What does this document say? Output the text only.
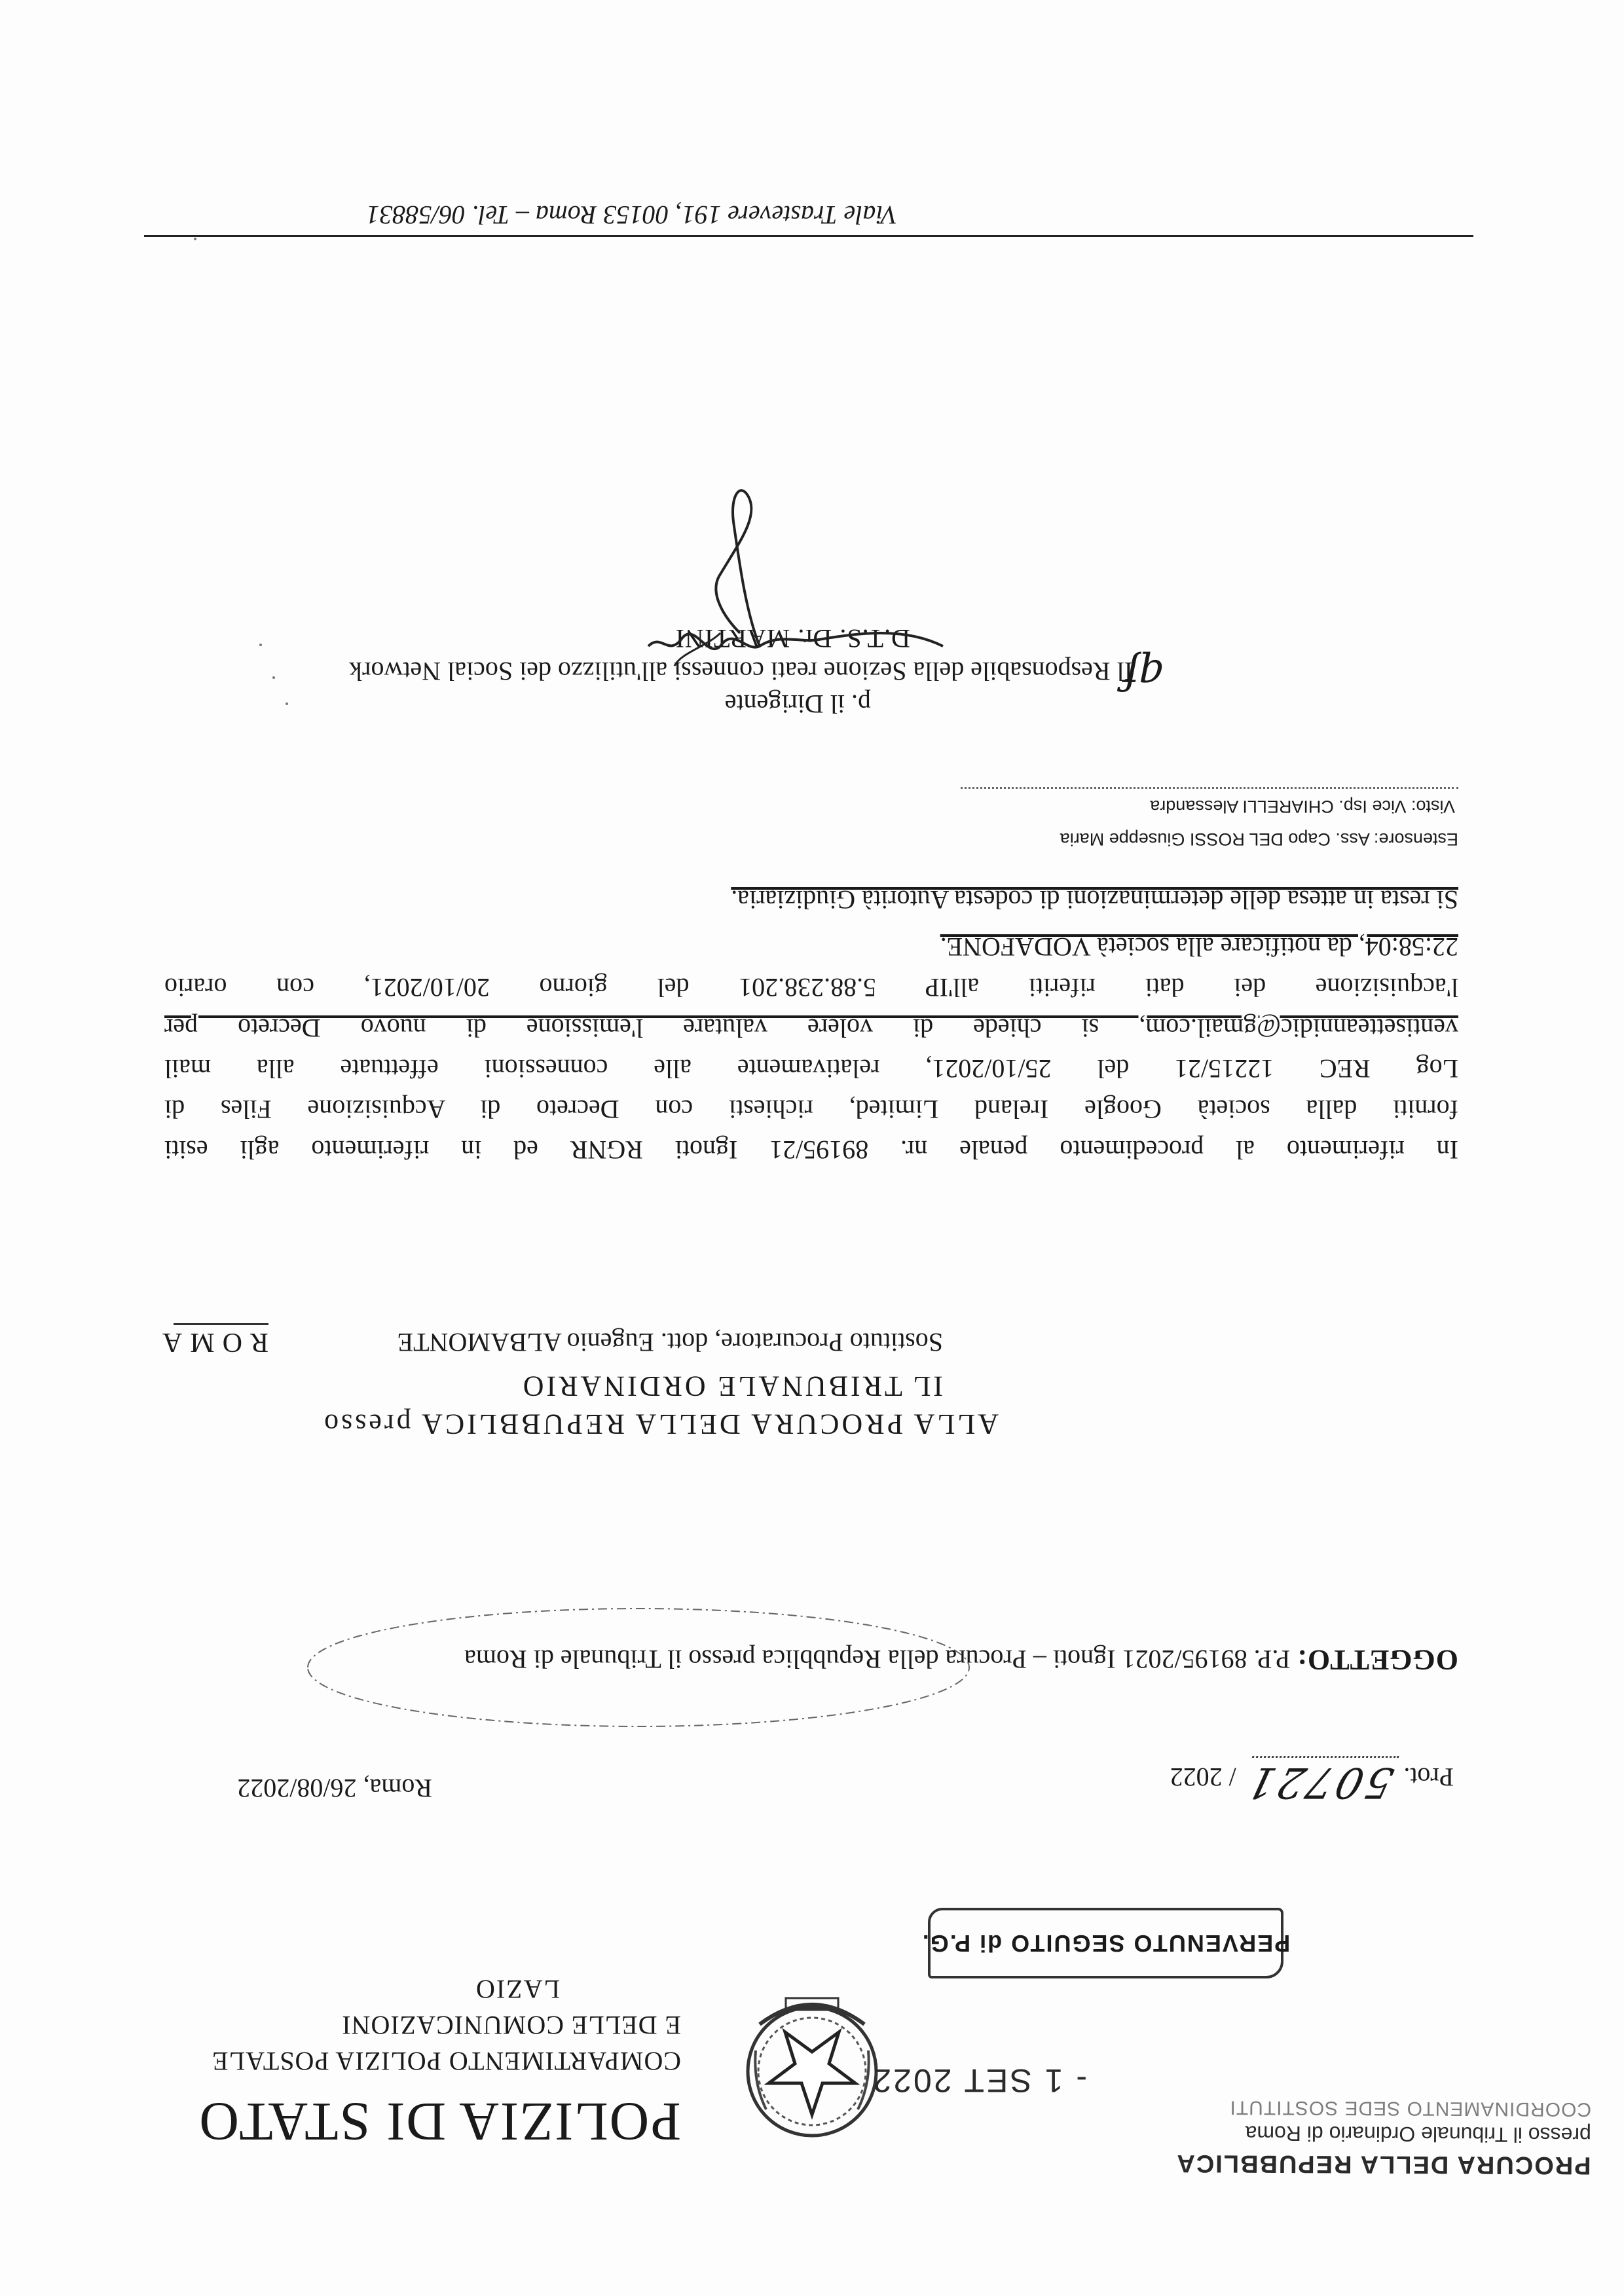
POLIZIA DI STATO
COMPARTIMENTO POLIZIA POSTALE
E DELLE COMUNICAZIONI
LAZIO
PROCURA DELLA REPUBBLICA
presso il Tribunale Ordinario di Roma
COORDINAMENTO SEDE SOSTITUTI
- 1 SET 2022
PERVENUTO SEGUITO di P.G.
Prot. 50721 / 2022
Roma, 26/08/2022
OGGETTO: P.P. 89195/2021 Ignoti – Procura della Repubblica presso il Tribunale di Roma
ALLA PROCURA DELLA REPUBBLICA presso
IL TRIBUNALE ORDINARIO
Sostituto Procuratore, dott. Eugenio ALBAMONTE
ROMA
In riferimento al procedimento penale nr. 89195/21 Ignoti RGNR ed in riferimento agli esiti
forniti dalla società Google Ireland Limited, richiesti con Decreto di Acquisizione Files di
Log REC 12215/21 del 25/10/2021, relativamente alle connessioni effettuate alla mail
ventisetteannidic@gmail.com, si chiede di volere valutare l'emissione di nuovo Decreto per
l'acquisizione dei dati riferiti all'IP 5.88.238.201 del giorno 20/10/2021, con orario
22:58:04, da notificare alla società VODAFONE.
Si resta in attesa delle determinazioni di codesta Autorità Giudiziaria.
Estensore: Ass. Capo DEL ROSSI Giuseppe Maria
Visto: Vice Isp. CHIARELLI Alessandra
p. il Dirigente
qf
Il Responsabile della Sezione reati connessi all'utilizzo dei Social Network
D.T.S. Dr. MARTINI
Viale Trastevere 191, 00153 Roma – Tel. 06/58831
